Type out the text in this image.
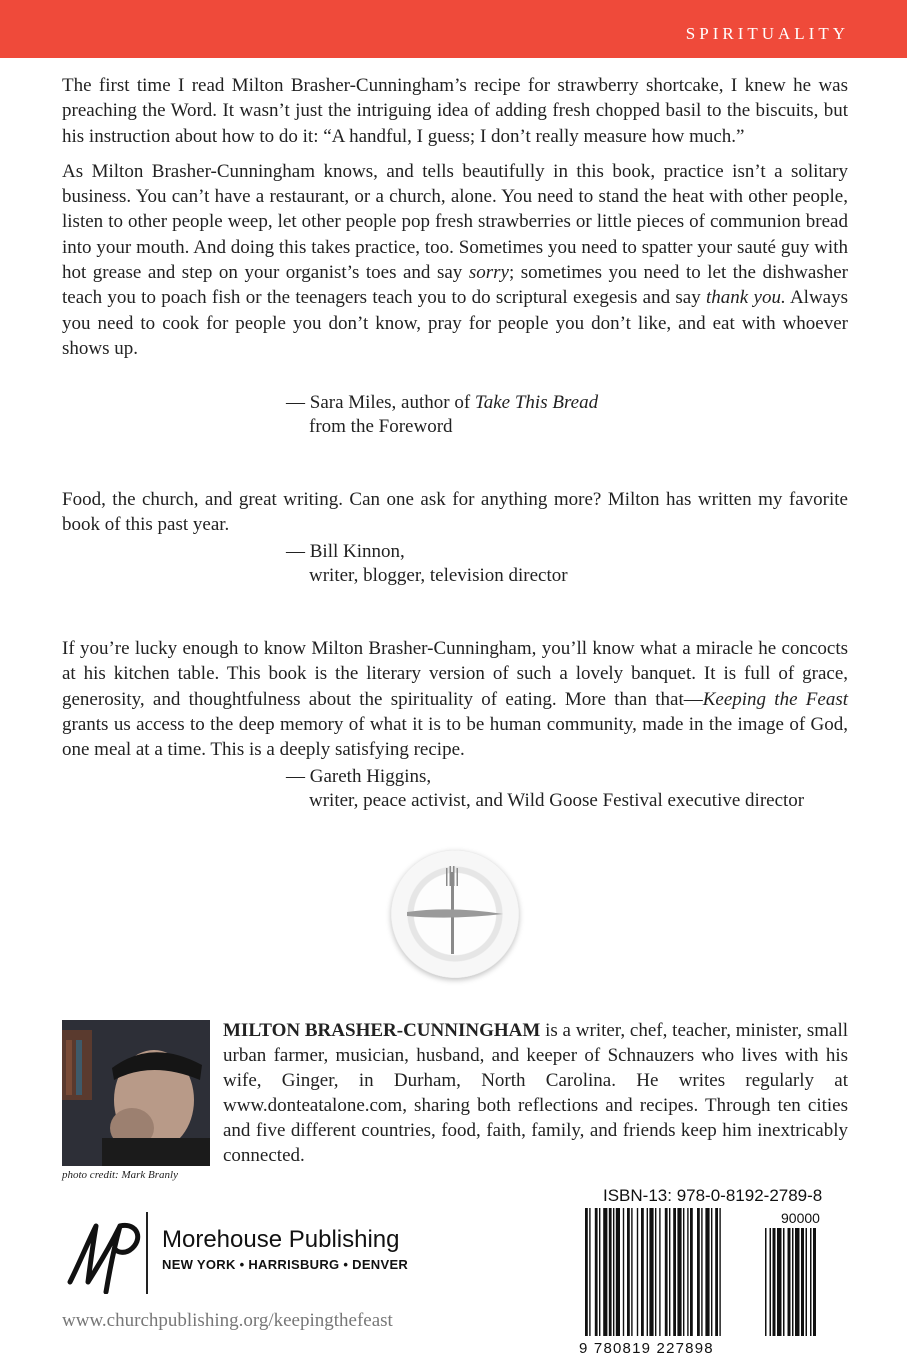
SPIRITUALITY

The first time I read Milton Brasher-Cunningham’s recipe for strawberry shortcake, I knew he was preaching the Word. It wasn’t just the intriguing idea of adding fresh chopped basil to the biscuits, but his instruction about how to do it: “A handful, I guess; I don’t really measure how much.”

As Milton Brasher-Cunningham knows, and tells beautifully in this book, practice isn’t a solitary business. You can’t have a restaurant, or a church, alone. You need to stand the heat with other people, listen to other people weep, let other people pop fresh strawberries or little pieces of communion bread into your mouth. And doing this takes practice, too. Sometimes you need to spatter your sauté guy with hot grease and step on your organist’s toes and say sorry; sometimes you need to let the dishwasher teach you to poach fish or the teenagers teach you to do scriptural exegesis and say thank you. Always you need to cook for people you don’t know, pray for people you don’t like, and eat with whoever shows up.

— Sara Miles, author of Take This Bread
from the Foreword

Food, the church, and great writing. Can one ask for anything more? Milton has written my favorite book of this past year.

— Bill Kinnon,
writer, blogger, television director

If you’re lucky enough to know Milton Brasher-Cunningham, you’ll know what a miracle he concocts at his kitchen table. This book is the literary version of such a lovely banquet. It is full of grace, generosity, and thoughtfulness about the spirituality of eating. More than that—Keeping the Feast grants us access to the deep memory of what it is to be human community, made in the image of God, one meal at a time. This is a deeply satisfying recipe.

— Gareth Higgins,
writer, peace activist, and Wild Goose Festival executive director
photo credit: Mark Branly
MILTON BRASHER-CUNNINGHAM is a writer, chef, teacher, minister, small urban farmer, musician, husband, and keeper of Schnauzers who lives with his wife, Ginger, in Durham, North Carolina. He writes regularly at www.donteatalone.com, sharing both reflections and recipes. Through ten cities and five different countries, food, faith, family, and friends keep him inextricably connected.
Morehouse Publishing
NEW YORK • HARRISBURG • DENVER
www.churchpublishing.org/keepingthefeast
ISBN-13: 978-0-8192-2789-8
90000
9 780819 227898
